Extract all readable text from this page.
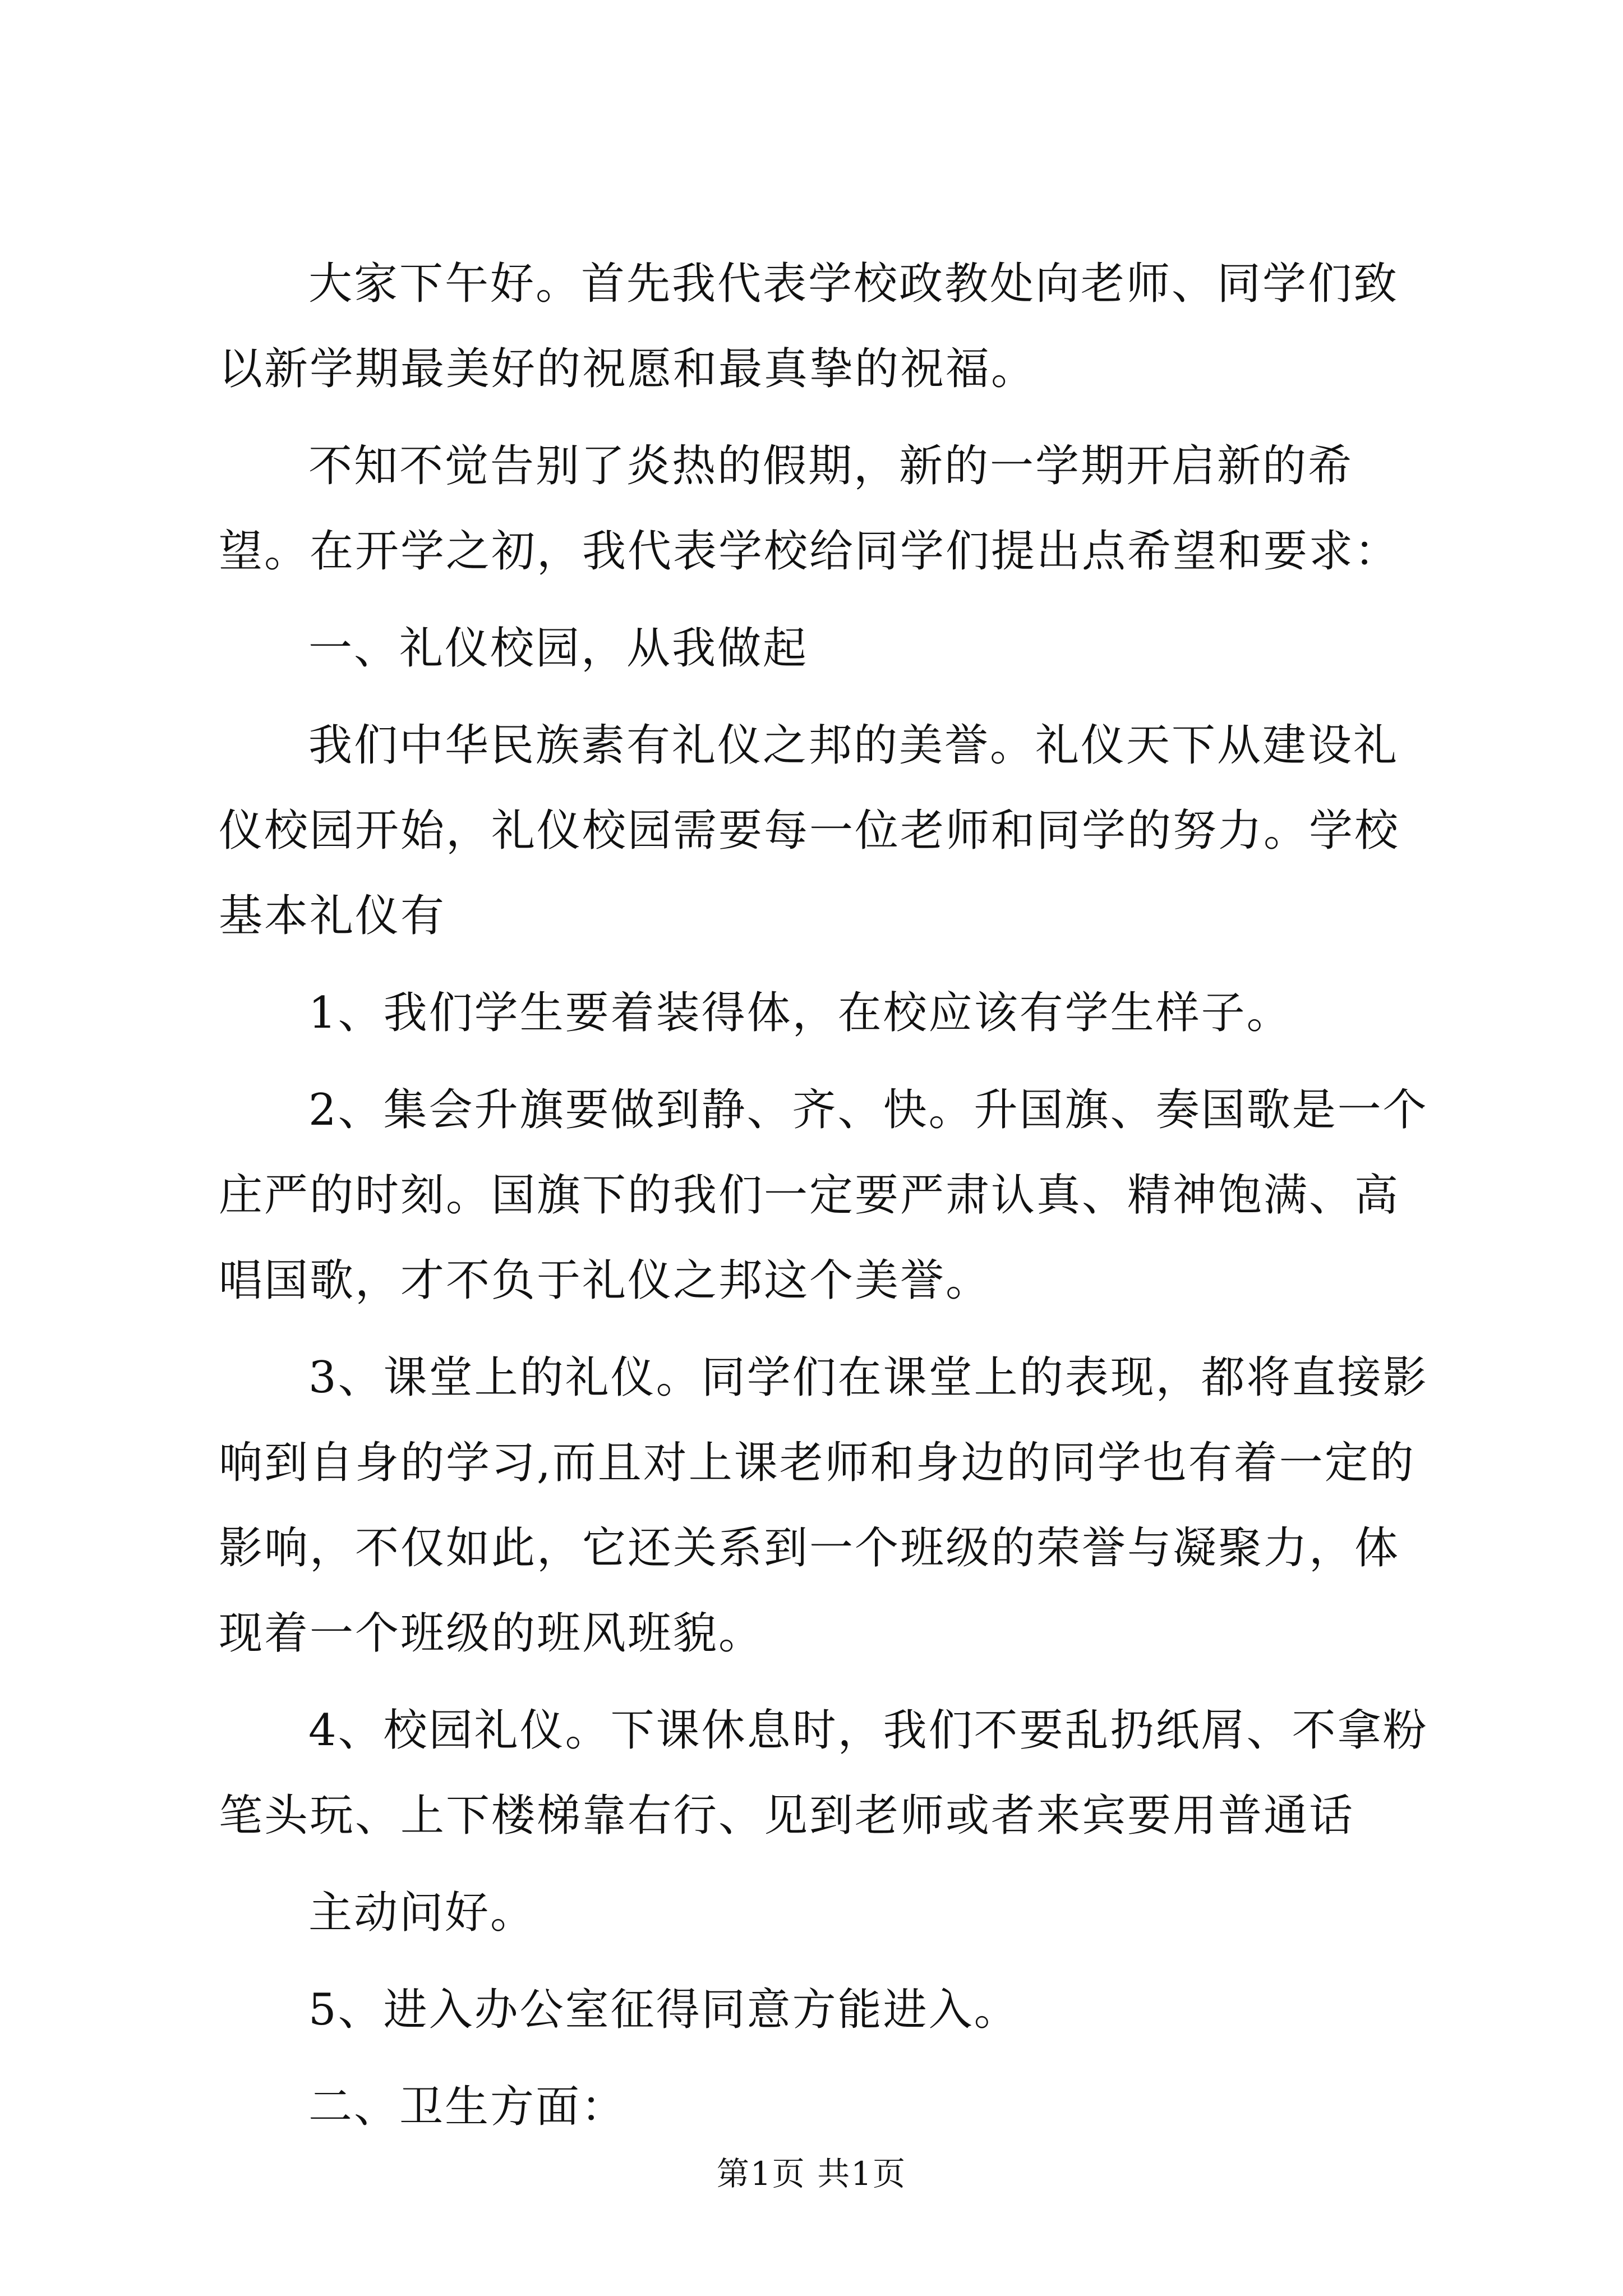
大家下午好。首先我代表学校政教处向老师、同学们致以新学期最美好的祝愿和最真挚的祝福。

不知不觉告别了炎热的假期，新的一学期开启新的希望。在开学之初，我代表学校给同学们提出点希望和要求：

一、礼仪校园，从我做起

我们中华民族素有礼仪之邦的美誉。礼仪天下从建设礼仪校园开始，礼仪校园需要每一位老师和同学的努力。学校基本礼仪有

1、我们学生要着装得体，在校应该有学生样子。

2、集会升旗要做到静、齐、快。升国旗、奏国歌是一个庄严的时刻。国旗下的我们一定要严肃认真、精神饱满、高唱国歌，才不负于礼仪之邦这个美誉。

3、课堂上的礼仪。同学们在课堂上的表现，都将直接影响到自身的学习,而且对上课老师和身边的同学也有着一定的影响，不仅如此，它还关系到一个班级的荣誉与凝聚力，体现着一个班级的班风班貌。

4、校园礼仪。下课休息时，我们不要乱扔纸屑、不拿粉笔头玩、上下楼梯靠右行、见到老师或者来宾要用普通话

主动问好。

5、进入办公室征得同意方能进入。

二、卫生方面：

第1页 共1页
